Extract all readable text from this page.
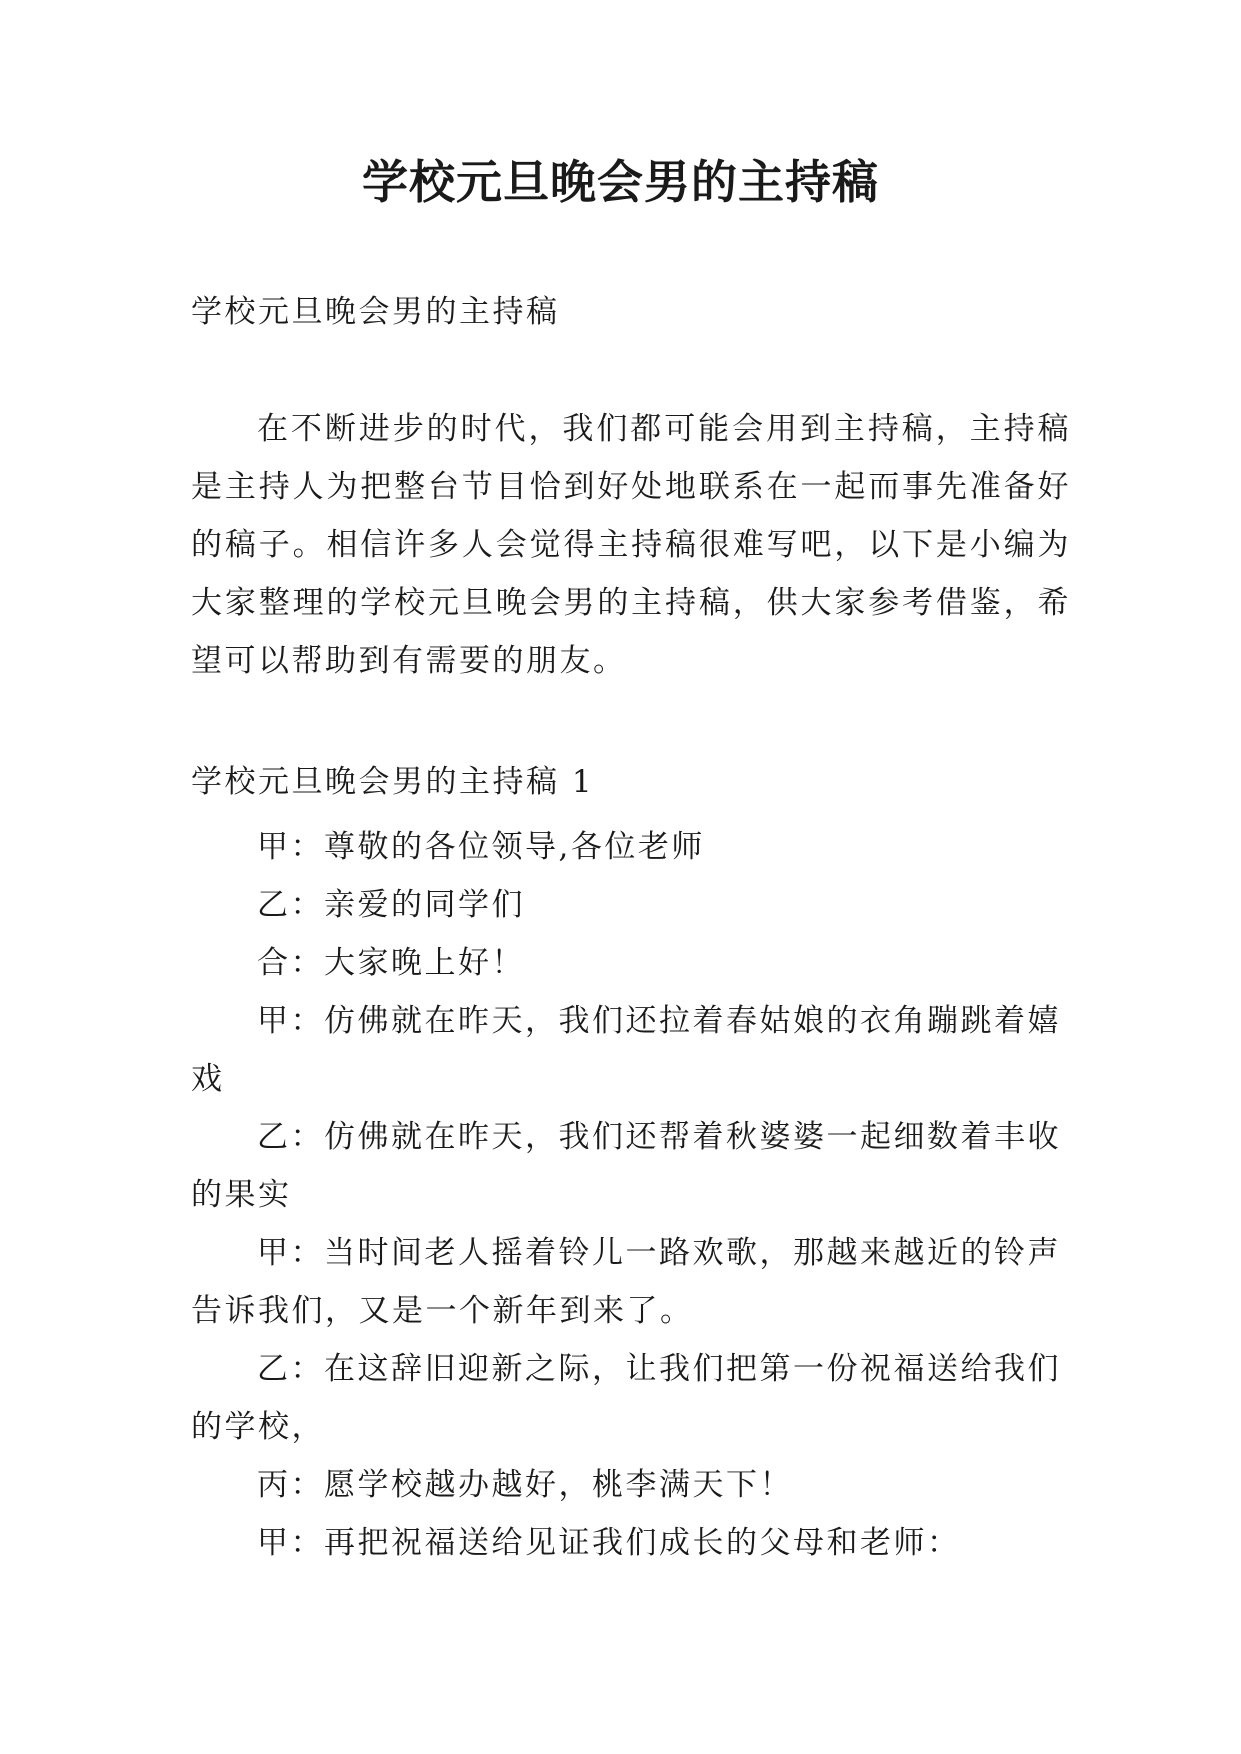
学校元旦晚会男的主持稿

学校元旦晚会男的主持稿

在不断进步的时代，我们都可能会用到主持稿，主持稿是主持人为把整台节目恰到好处地联系在一起而事先准备好的稿子。相信许多人会觉得主持稿很难写吧，以下是小编为大家整理的学校元旦晚会男的主持稿，供大家参考借鉴，希望可以帮助到有需要的朋友。

学校元旦晚会男的主持稿 1

甲：尊敬的各位领导,各位老师

乙：亲爱的同学们

合：大家晚上好！

甲：仿佛就在昨天，我们还拉着春姑娘的衣角蹦跳着嬉戏

乙：仿佛就在昨天，我们还帮着秋婆婆一起细数着丰收的果实

甲：当时间老人摇着铃儿一路欢歌，那越来越近的铃声告诉我们，又是一个新年到来了。

乙：在这辞旧迎新之际，让我们把第一份祝福送给我们的学校，

丙：愿学校越办越好，桃李满天下！

甲：再把祝福送给见证我们成长的父母和老师：
